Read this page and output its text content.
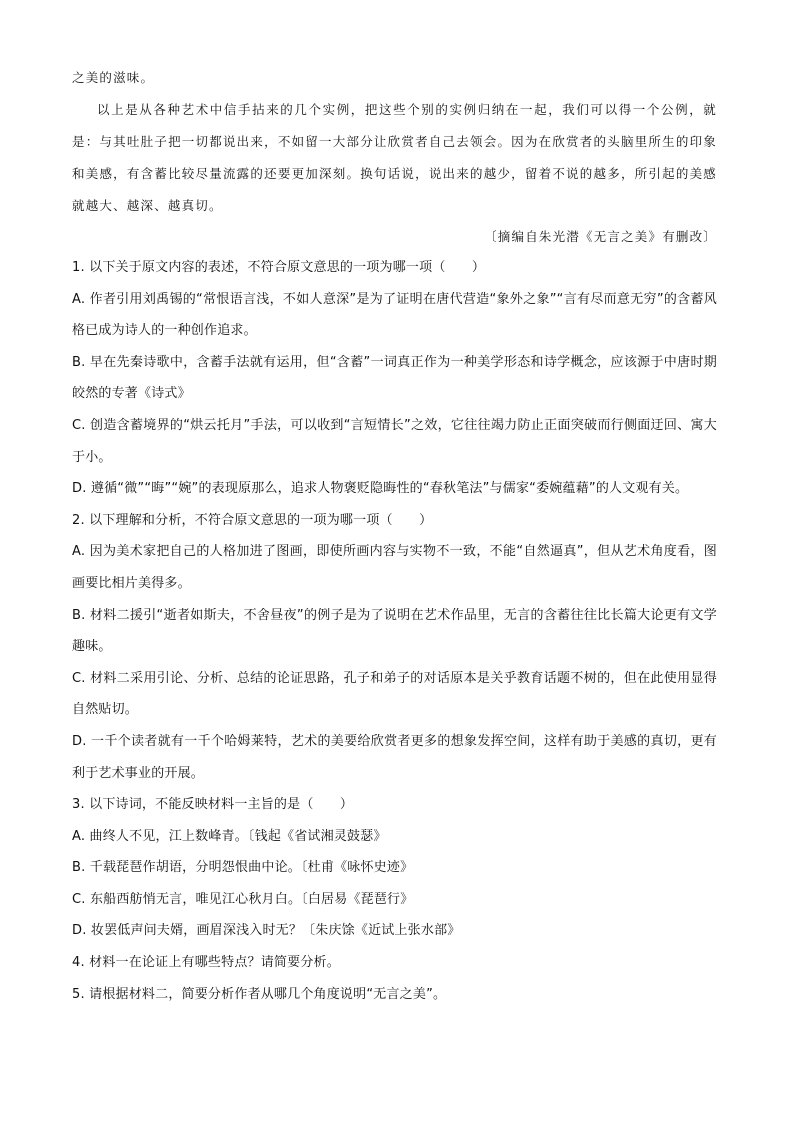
之美的滋味。

以上是从各种艺术中信手拈来的几个实例，把这些个别的实例归纳在一起，我们可以得一个公例，就是：与其吐肚子把一切都说出来，不如留一大部分让欣赏者自己去领会。因为在欣赏者的头脑里所生的印象和美感，有含蓄比较尽量流露的还要更加深刻。换句话说，说出来的越少，留着不说的越多，所引起的美感就越大、越深、越真切。

〔摘编自朱光潜《无言之美》有删改〕

1. 以下关于原文内容的表述，不符合原文意思的一项为哪一项（　　）

A. 作者引用刘禹锡的“常恨语言浅，不如人意深”是为了证明在唐代营造“象外之象”“言有尽而意无穷”的含蓄风格已成为诗人的一种创作追求。

B. 早在先秦诗歌中，含蓄手法就有运用，但“含蓄”一词真正作为一种美学形态和诗学概念，应该源于中唐时期皎然的专著《诗式》

C. 创造含蓄境界的“烘云托月”手法，可以收到“言短情长”之效，它往往竭力防止正面突破而行侧面迂回、寓大于小。

D. 遵循“微”“晦”“婉”的表现原那么，追求人物褒贬隐晦性的“春秋笔法”与儒家“委婉蕴藉”的人文观有关。

2. 以下理解和分析，不符合原文意思的一项为哪一项（　　）

A. 因为美术家把自己的人格加进了图画，即使所画内容与实物不一致，不能“自然逼真”，但从艺术角度看，图画要比相片美得多。

B. 材料二援引“逝者如斯夫，不舍昼夜”的例子是为了说明在艺术作品里，无言的含蓄往往比长篇大论更有文学趣味。

C. 材料二采用引论、分析、总结的论证思路，孔子和弟子的对话原本是关乎教育话题不树的，但在此使用显得自然贴切。

D. 一千个读者就有一千个哈姆莱特，艺术的美要给欣赏者更多的想象发挥空间，这样有助于美感的真切，更有利于艺术事业的开展。

3. 以下诗词，不能反映材料一主旨的是（　　）

A. 曲终人不见，江上数峰青。〔钱起《省试湘灵鼓瑟》

B. 千载琵琶作胡语，分明怨恨曲中论。〔杜甫《咏怀史迹》

C. 东船西舫悄无言，唯见江心秋月白。〔白居易《琵琶行》

D. 妆罢低声问夫婿，画眉深浅入时无？〔朱庆馀《近试上张水部》

4. 材料一在论证上有哪些特点？请简要分析。

5. 请根据材料二，简要分析作者从哪几个角度说明“无言之美”。
